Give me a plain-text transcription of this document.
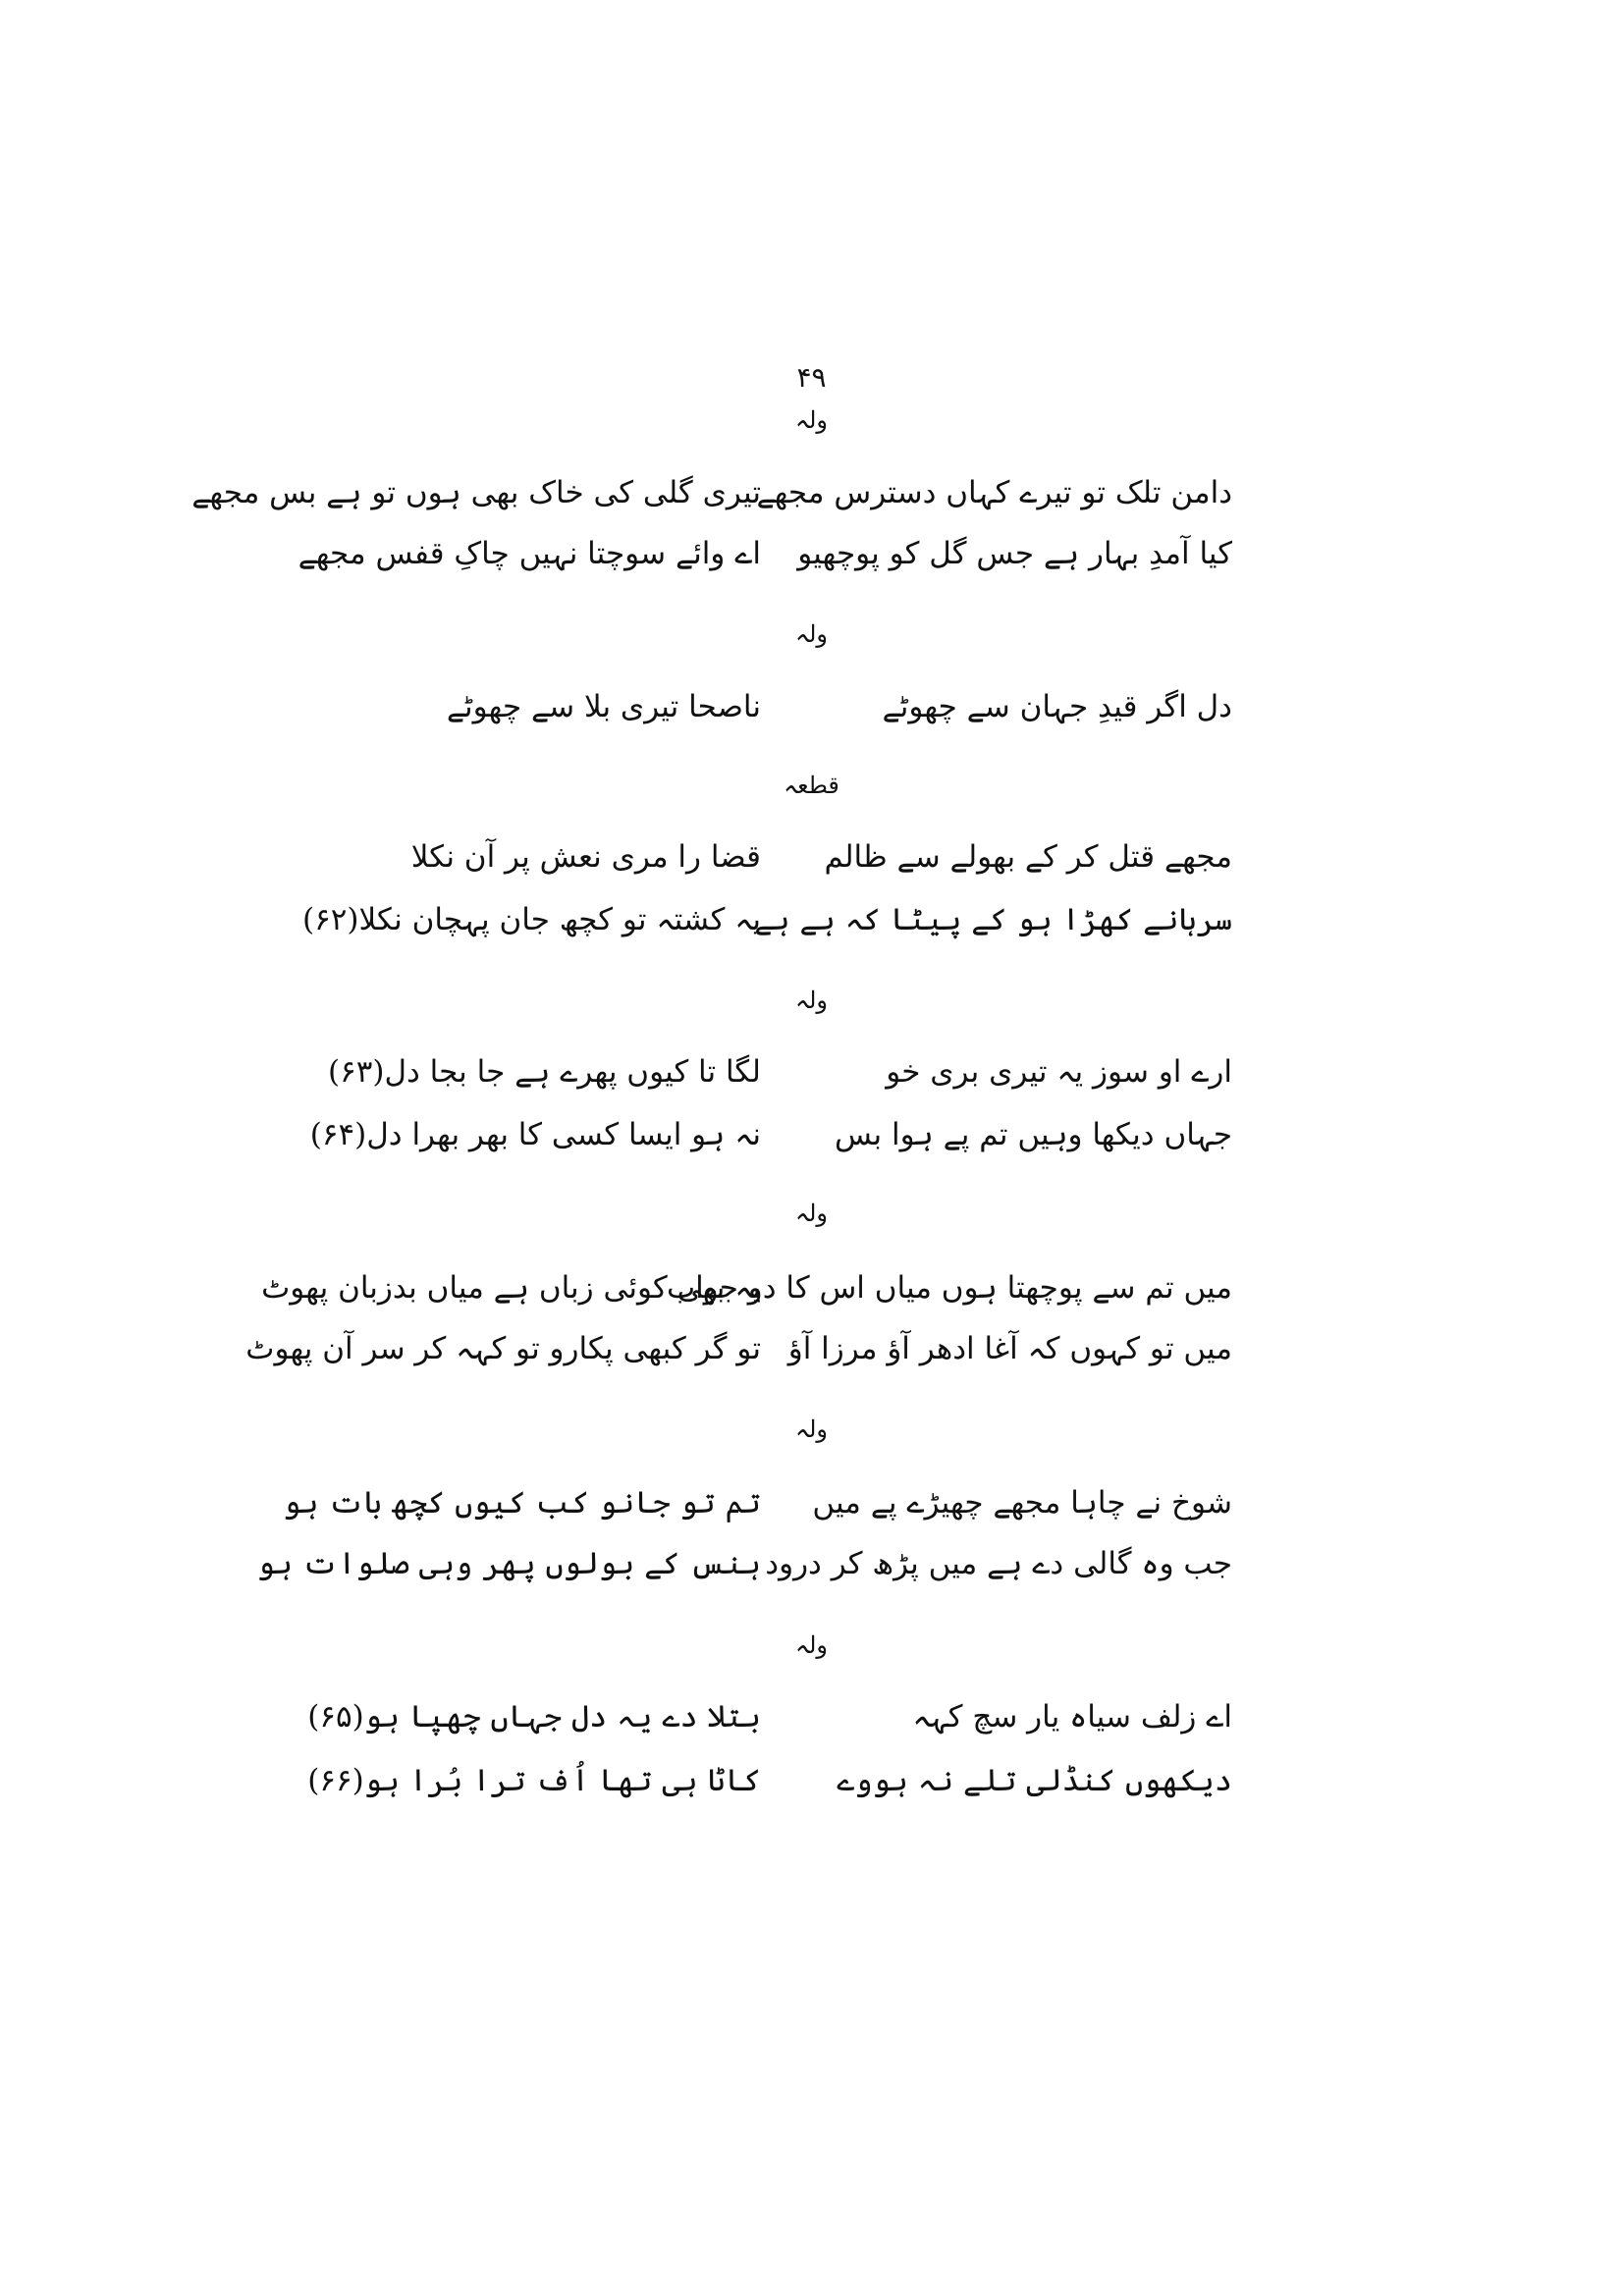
۴۹
ولہ
دامن تلک تو تیرے کہاں دسترس مجھے
تیری گلی کی خاک بھی ہوں تو ہے بس مجھے
کیا آمدِ بہار ہے جس گل کو پوچھیو
اے وائے سوچتا نہیں چاکِ قفس مجھے
ولہ
دل اگر قیدِ جہان سے چھوٹے
ناصحا تیری بلا سے چھوٹے
قطعہ
مجھے قتل کر کے بھولے سے ظالم
قضا را مری نعش پر آن نکلا
سرہانے کھڑا ہو کے پیٹا کہ ہے ہے
یہ کشتہ تو کچھ جان پہچان نکلا(۶۲)
ولہ
ارے او سوز یہ تیری بری خو
لگا تا کیوں پھرے ہے جا بجا دل(۶۳)
جہاں دیکھا وہیں تم پے ہوا بس
نہ ہو ایسا کسی کا بھر بھرا دل(۶۴)
ولہ
میں تم سے پوچھتا ہوں میاں اس کا دو جواب
یہ بھی کوئی زباں ہے میاں بدزبان پھوٹ
میں تو کہوں کہ آغا ادھر آؤ مرزا آؤ
تو گر کبھی پکارو تو کہہ کر سر آن پھوٹ
ولہ
شوخ نے چاہا مجھے چھیڑے پے میں
تم تو جانو کب کیوں کچھ بات ہو
جب وہ گالی دے ہے میں پڑھ کر درود
ہنس کے بولوں پھر وہی صلوات ہو
ولہ
اے زلف سیاہ یار سچ کہہ
بتلا دے یہ دل جہاں چھپا ہو(۶۵)
دیکھوں کنڈلی تلے نہ ہووے
کاٹا ہی تھا اُف ترا بُرا ہو(۶۶)
